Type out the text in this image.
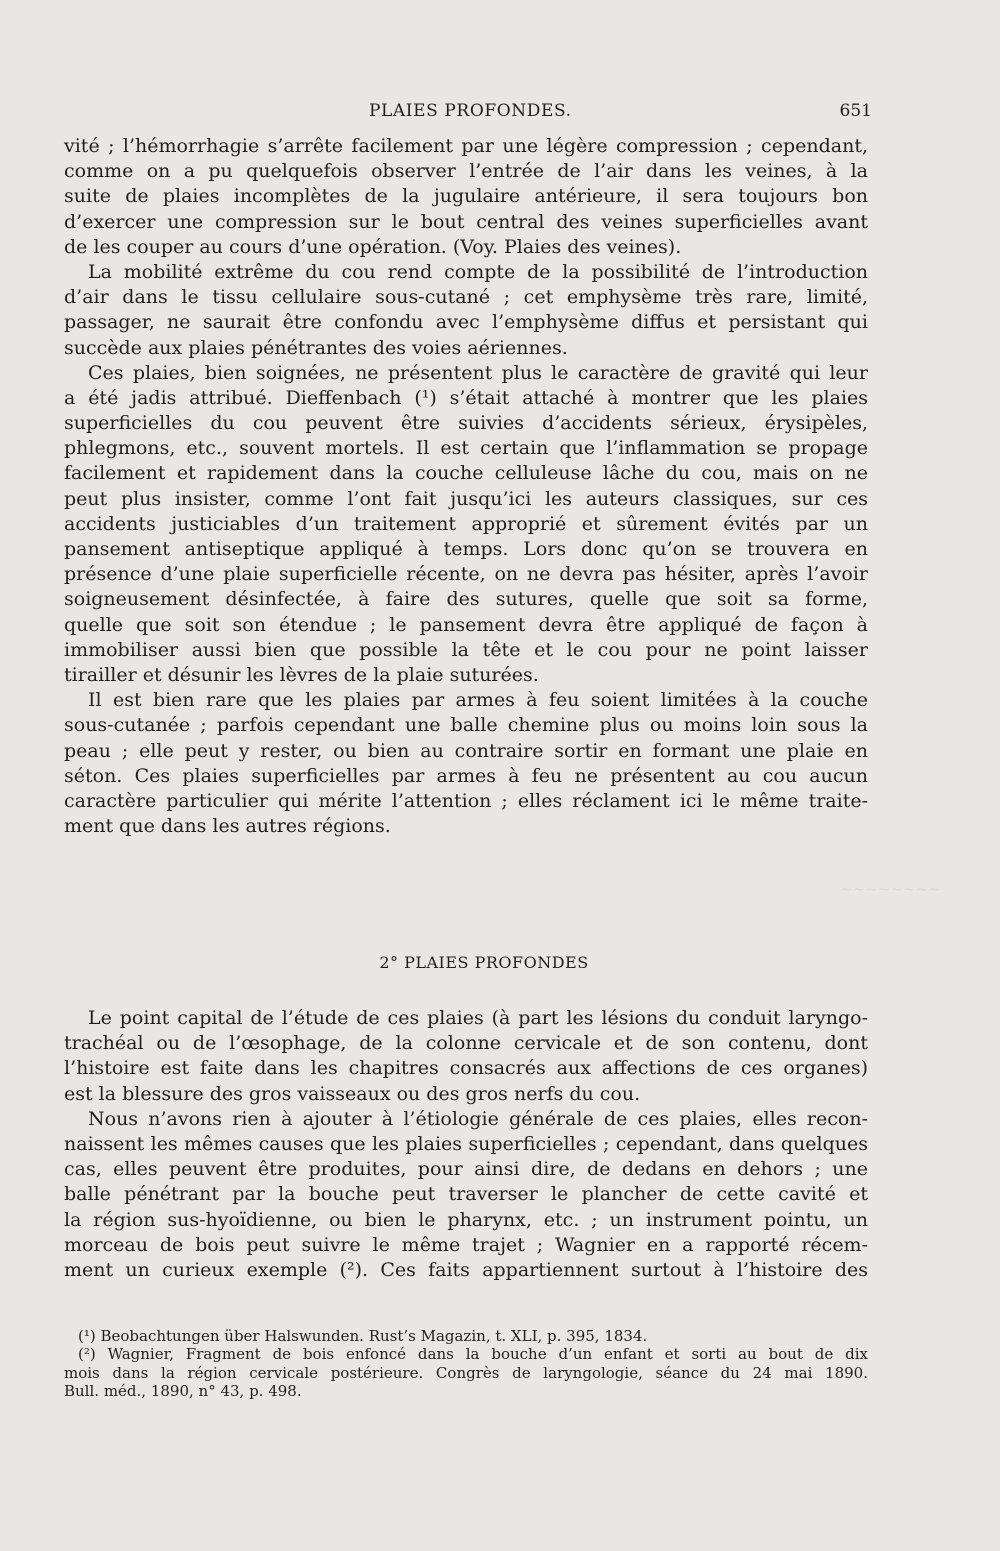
~~~~~~~~
PLAIES PROFONDES.	651
vité ; l’hémorrhagie s’arrête facilement par une légère compression ; cependant,
comme on a pu quelquefois observer l’entrée de l’air dans les veines, à la
suite de plaies incomplètes de la jugulaire antérieure, il sera toujours bon
d’exercer une compression sur le bout central des veines superficielles avant
de les couper au cours d’une opération. (Voy. Plaies des veines).
La mobilité extrême du cou rend compte de la possibilité de l’introduction
d’air dans le tissu cellulaire sous-cutané ; cet emphysème très rare, limité,
passager, ne saurait être confondu avec l’emphysème diffus et persistant qui
succède aux plaies pénétrantes des voies aériennes.
Ces plaies, bien soignées, ne présentent plus le caractère de gravité qui leur
a été jadis attribué. Dieffenbach (¹) s’était attaché à montrer que les plaies
superficielles du cou peuvent être suivies d’accidents sérieux, érysipèles,
phlegmons, etc., souvent mortels. Il est certain que l’inflammation se propage
facilement et rapidement dans la couche celluleuse lâche du cou, mais on ne
peut plus insister, comme l’ont fait jusqu’ici les auteurs classiques, sur ces
accidents justiciables d’un traitement approprié et sûrement évités par un
pansement antiseptique appliqué à temps. Lors donc qu’on se trouvera en
présence d’une plaie superficielle récente, on ne devra pas hésiter, après l’avoir
soigneusement désinfectée, à faire des sutures, quelle que soit sa forme,
quelle que soit son étendue ; le pansement devra être appliqué de façon à
immobiliser aussi bien que possible la tête et le cou pour ne point laisser
tirailler et désunir les lèvres de la plaie suturées.
Il est bien rare que les plaies par armes à feu soient limitées à la couche
sous-cutanée ; parfois cependant une balle chemine plus ou moins loin sous la
peau ; elle peut y rester, ou bien au contraire sortir en formant une plaie en
séton. Ces plaies superficielles par armes à feu ne présentent au cou aucun
caractère particulier qui mérite l’attention ; elles réclament ici le même traite-
ment que dans les autres régions.
2° PLAIES PROFONDES
Le point capital de l’étude de ces plaies (à part les lésions du conduit laryngo-
trachéal ou de l’œsophage, de la colonne cervicale et de son contenu, dont
l’histoire est faite dans les chapitres consacrés aux affections de ces organes)
est la blessure des gros vaisseaux ou des gros nerfs du cou.
Nous n’avons rien à ajouter à l’étiologie générale de ces plaies, elles recon-
naissent les mêmes causes que les plaies superficielles ; cependant, dans quelques
cas, elles peuvent être produites, pour ainsi dire, de dedans en dehors ; une
balle pénétrant par la bouche peut traverser le plancher de cette cavité et
la région sus-hyoïdienne, ou bien le pharynx, etc. ; un instrument pointu, un
morceau de bois peut suivre le même trajet ; Wagnier en a rapporté récem-
ment un curieux exemple (²). Ces faits appartiennent surtout à l’histoire des
(¹) Beobachtungen über Halswunden. Rust’s Magazin, t. XLI, p. 395, 1834.
(²) Wagnier, Fragment de bois enfoncé dans la bouche d’un enfant et sorti au bout de dix
mois dans la région cervicale postérieure. Congrès de laryngologie, séance du 24 mai 1890.
Bull. méd., 1890, n° 43, p. 498.
